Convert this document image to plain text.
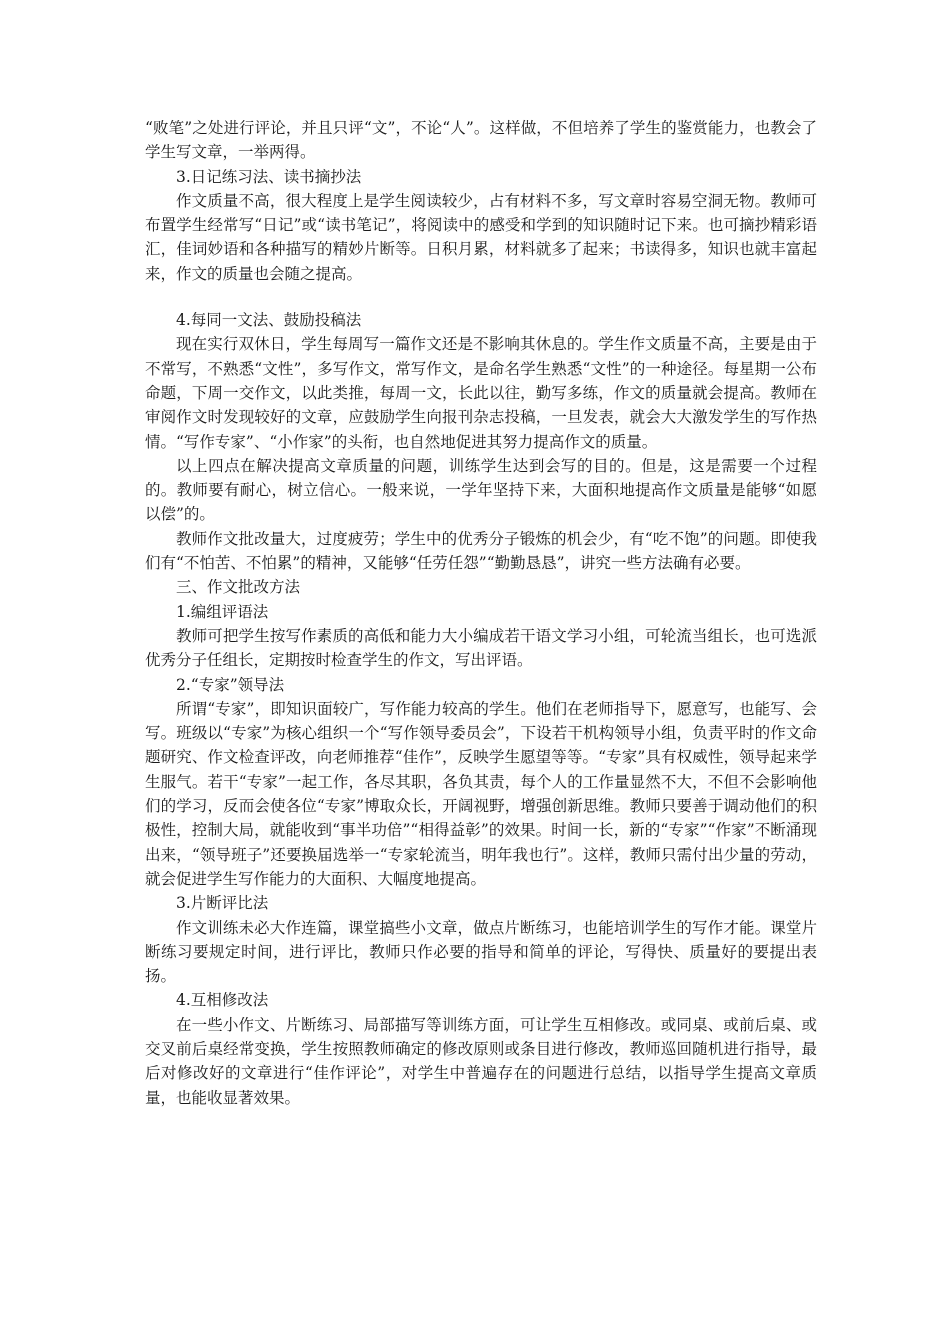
“败笔”之处进行评论，并且只评“文”，不论“人”。这样做，不但培养了学生的鉴赏能力，也教会了学生写文章，一举两得。

3.日记练习法、读书摘抄法

作文质量不高，很大程度上是学生阅读较少，占有材料不多，写文章时容易空洞无物。教师可布置学生经常写“日记”或“读书笔记”，将阅读中的感受和学到的知识随时记下来。也可摘抄精彩语汇，佳词妙语和各种描写的精妙片断等。日积月累，材料就多了起来；书读得多，知识也就丰富起来，作文的质量也会随之提高。

4.每同一文法、鼓励投稿法

现在实行双休日，学生每周写一篇作文还是不影响其休息的。学生作文质量不高，主要是由于不常写，不熟悉“文性”，多写作文，常写作文，是命名学生熟悉“文性”的一种途径。每星期一公布命题，下周一交作文，以此类推，每周一文，长此以往，勤写多练，作文的质量就会提高。教师在审阅作文时发现较好的文章，应鼓励学生向报刊杂志投稿，一旦发表，就会大大激发学生的写作热情。“写作专家”、“小作家”的头衔，也自然地促进其努力提高作文的质量。

以上四点在解决提高文章质量的问题，训练学生达到会写的目的。但是，这是需要一个过程的。教师要有耐心，树立信心。一般来说，一学年坚持下来，大面积地提高作文质量是能够“如愿以偿”的。

教师作文批改量大，过度疲劳；学生中的优秀分子锻炼的机会少，有“吃不饱”的问题。即使我们有“不怕苦、不怕累”的精神，又能够“任劳任怨”“勤勤恳恳”，讲究一些方法确有必要。

三、作文批改方法

1.编组评语法

教师可把学生按写作素质的高低和能力大小编成若干语文学习小组，可轮流当组长，也可选派优秀分子任组长，定期按时检查学生的作文，写出评语。

2.“专家”领导法

所谓“专家”，即知识面较广，写作能力较高的学生。他们在老师指导下，愿意写，也能写、会写。班级以“专家”为核心组织一个“写作领导委员会”，下设若干机构领导小组，负责平时的作文命题研究、作文检查评改，向老师推荐“佳作”，反映学生愿望等等。“专家”具有权威性，领导起来学生服气。若干“专家”一起工作，各尽其职，各负其责，每个人的工作量显然不大，不但不会影响他们的学习，反而会使各位“专家”博取众长，开阔视野，增强创新思维。教师只要善于调动他们的积极性，控制大局，就能收到“事半功倍”“相得益彰”的效果。时间一长，新的“专家”“作家”不断涌现出来，“领导班子”还要换届选举一“专家轮流当，明年我也行”。这样，教师只需付出少量的劳动，就会促进学生写作能力的大面积、大幅度地提高。

3.片断评比法

作文训练未必大作连篇，课堂搞些小文章，做点片断练习，也能培训学生的写作才能。课堂片断练习要规定时间，进行评比，教师只作必要的指导和简单的评论，写得快、质量好的要提出表扬。

4.互相修改法

在一些小作文、片断练习、局部描写等训练方面，可让学生互相修改。或同桌、或前后桌、或交叉前后桌经常变换，学生按照教师确定的修改原则或条目进行修改，教师巡回随机进行指导，最后对修改好的文章进行“佳作评论”，对学生中普遍存在的问题进行总结，以指导学生提高文章质量，也能收显著效果。
